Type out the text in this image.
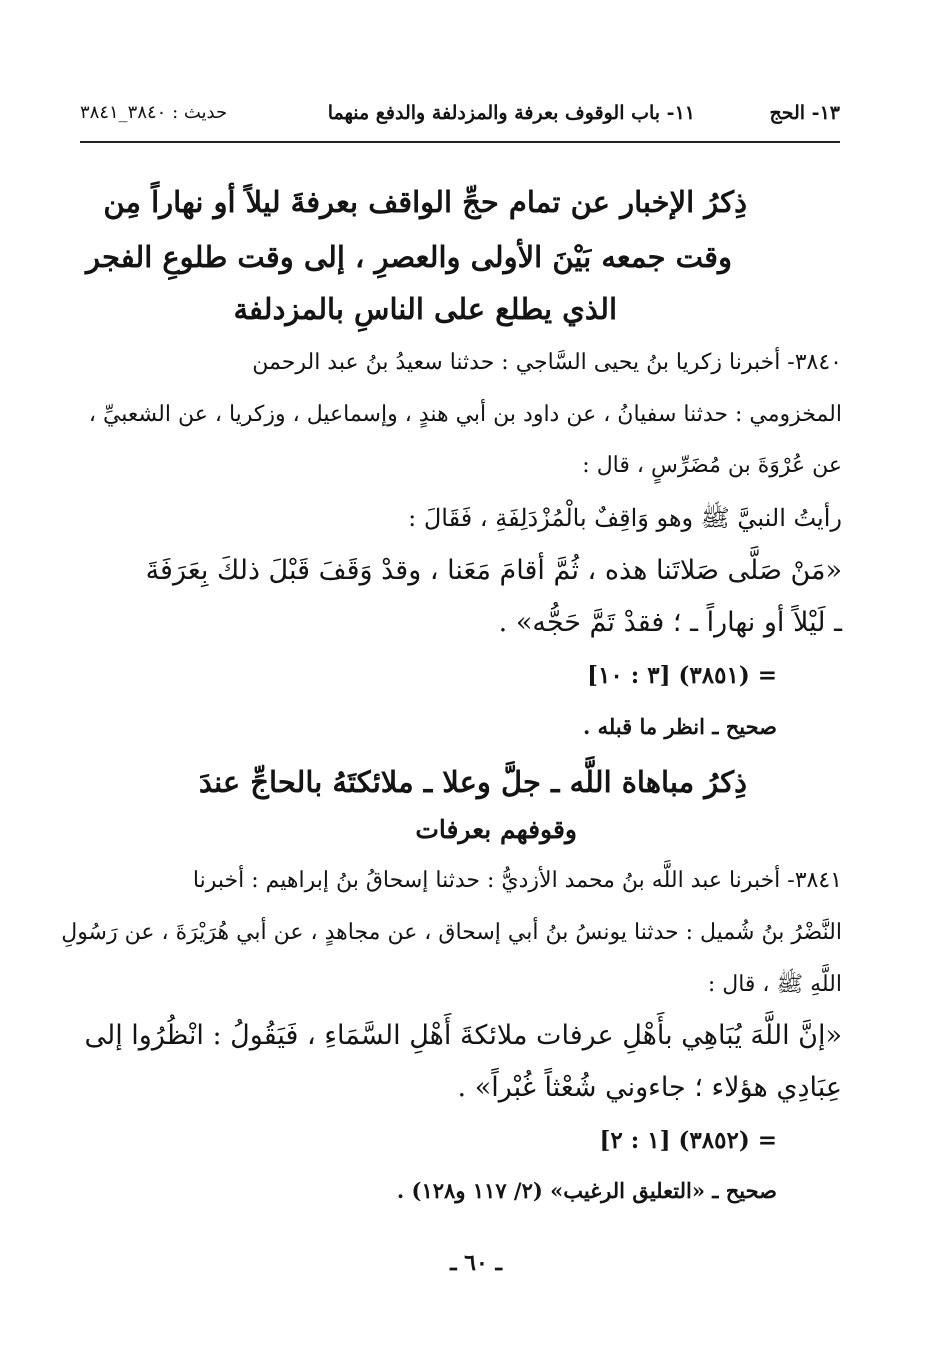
١٣- الحج
١١- باب الوقوف بعرفة والمزدلفة والدفع منهما
حديث : ٣٨٤٠_٣٨٤١
ذِكرُ الإخبار عن تمام حجِّ الواقف بعرفةَ ليلاً أو نهاراً مِن
وقت جمعه بَيْنَ الأولى والعصرِ ، إلى وقت طلوعِ الفجر
الذي يطلع على الناسِ بالمزدلفة
٣٨٤٠- أخبرنا زكريا بنُ يحيى السَّاجي : حدثنا سعيدُ بنُ عبد الرحمن
المخزومي : حدثنا سفيانُ ، عن داود بن أبي هندٍ ، وإسماعيل ، وزكريا ، عن الشعبيِّ ،
عن عُرْوَةَ بن مُضَرِّسٍ ، قال :
رأيتُ النبيَّ ﷺ وهو وَاقِفٌ بالْمُزْدَلِفَةِ ، فَقَالَ :
«مَنْ صَلَّى صَلاتَنا هذه ، ثُمَّ أقامَ مَعَنا ، وقدْ وَقَفَ قَبْلَ ذلكَ بِعَرَفَةَ
ـ لَيْلاً أو نهاراً ـ ؛ فقدْ تَمَّ حَجُّه» .
= (٣٨٥١) [٣ : ١٠]
صحيح ـ انظر ما قبله .
ذِكرُ مباهاة اللَّه ـ جلَّ وعلا ـ ملائكتَهُ بالحاجِّ عندَ
وقوفهم بعرفات
٣٨٤١- أخبرنا عبد اللَّه بنُ محمد الأزديُّ : حدثنا إسحاقُ بنُ إبراهيم : أخبرنا
النَّضْرُ بنُ شُميل : حدثنا يونسُ بنُ أبي إسحاق ، عن مجاهدٍ ، عن أبي هُرَيْرَةَ ، عن رَسُولِ
اللَّهِ ﷺ ، قال :
«إنَّ اللَّهَ يُبَاهِي بأَهْلِ عرفات ملائكةَ أَهْلِ السَّمَاءِ ، فَيَقُولُ : انْظُرُوا إلى
عِبَادِي هؤلاء ؛ جاءوني شُعْثاً غُبْراً» .
= (٣٨٥٢) [١ : ٢]
صحيح ـ «التعليق الرغيب» (٢/ ١١٧ و١٢٨) .
ـ ٦٠ ـ
